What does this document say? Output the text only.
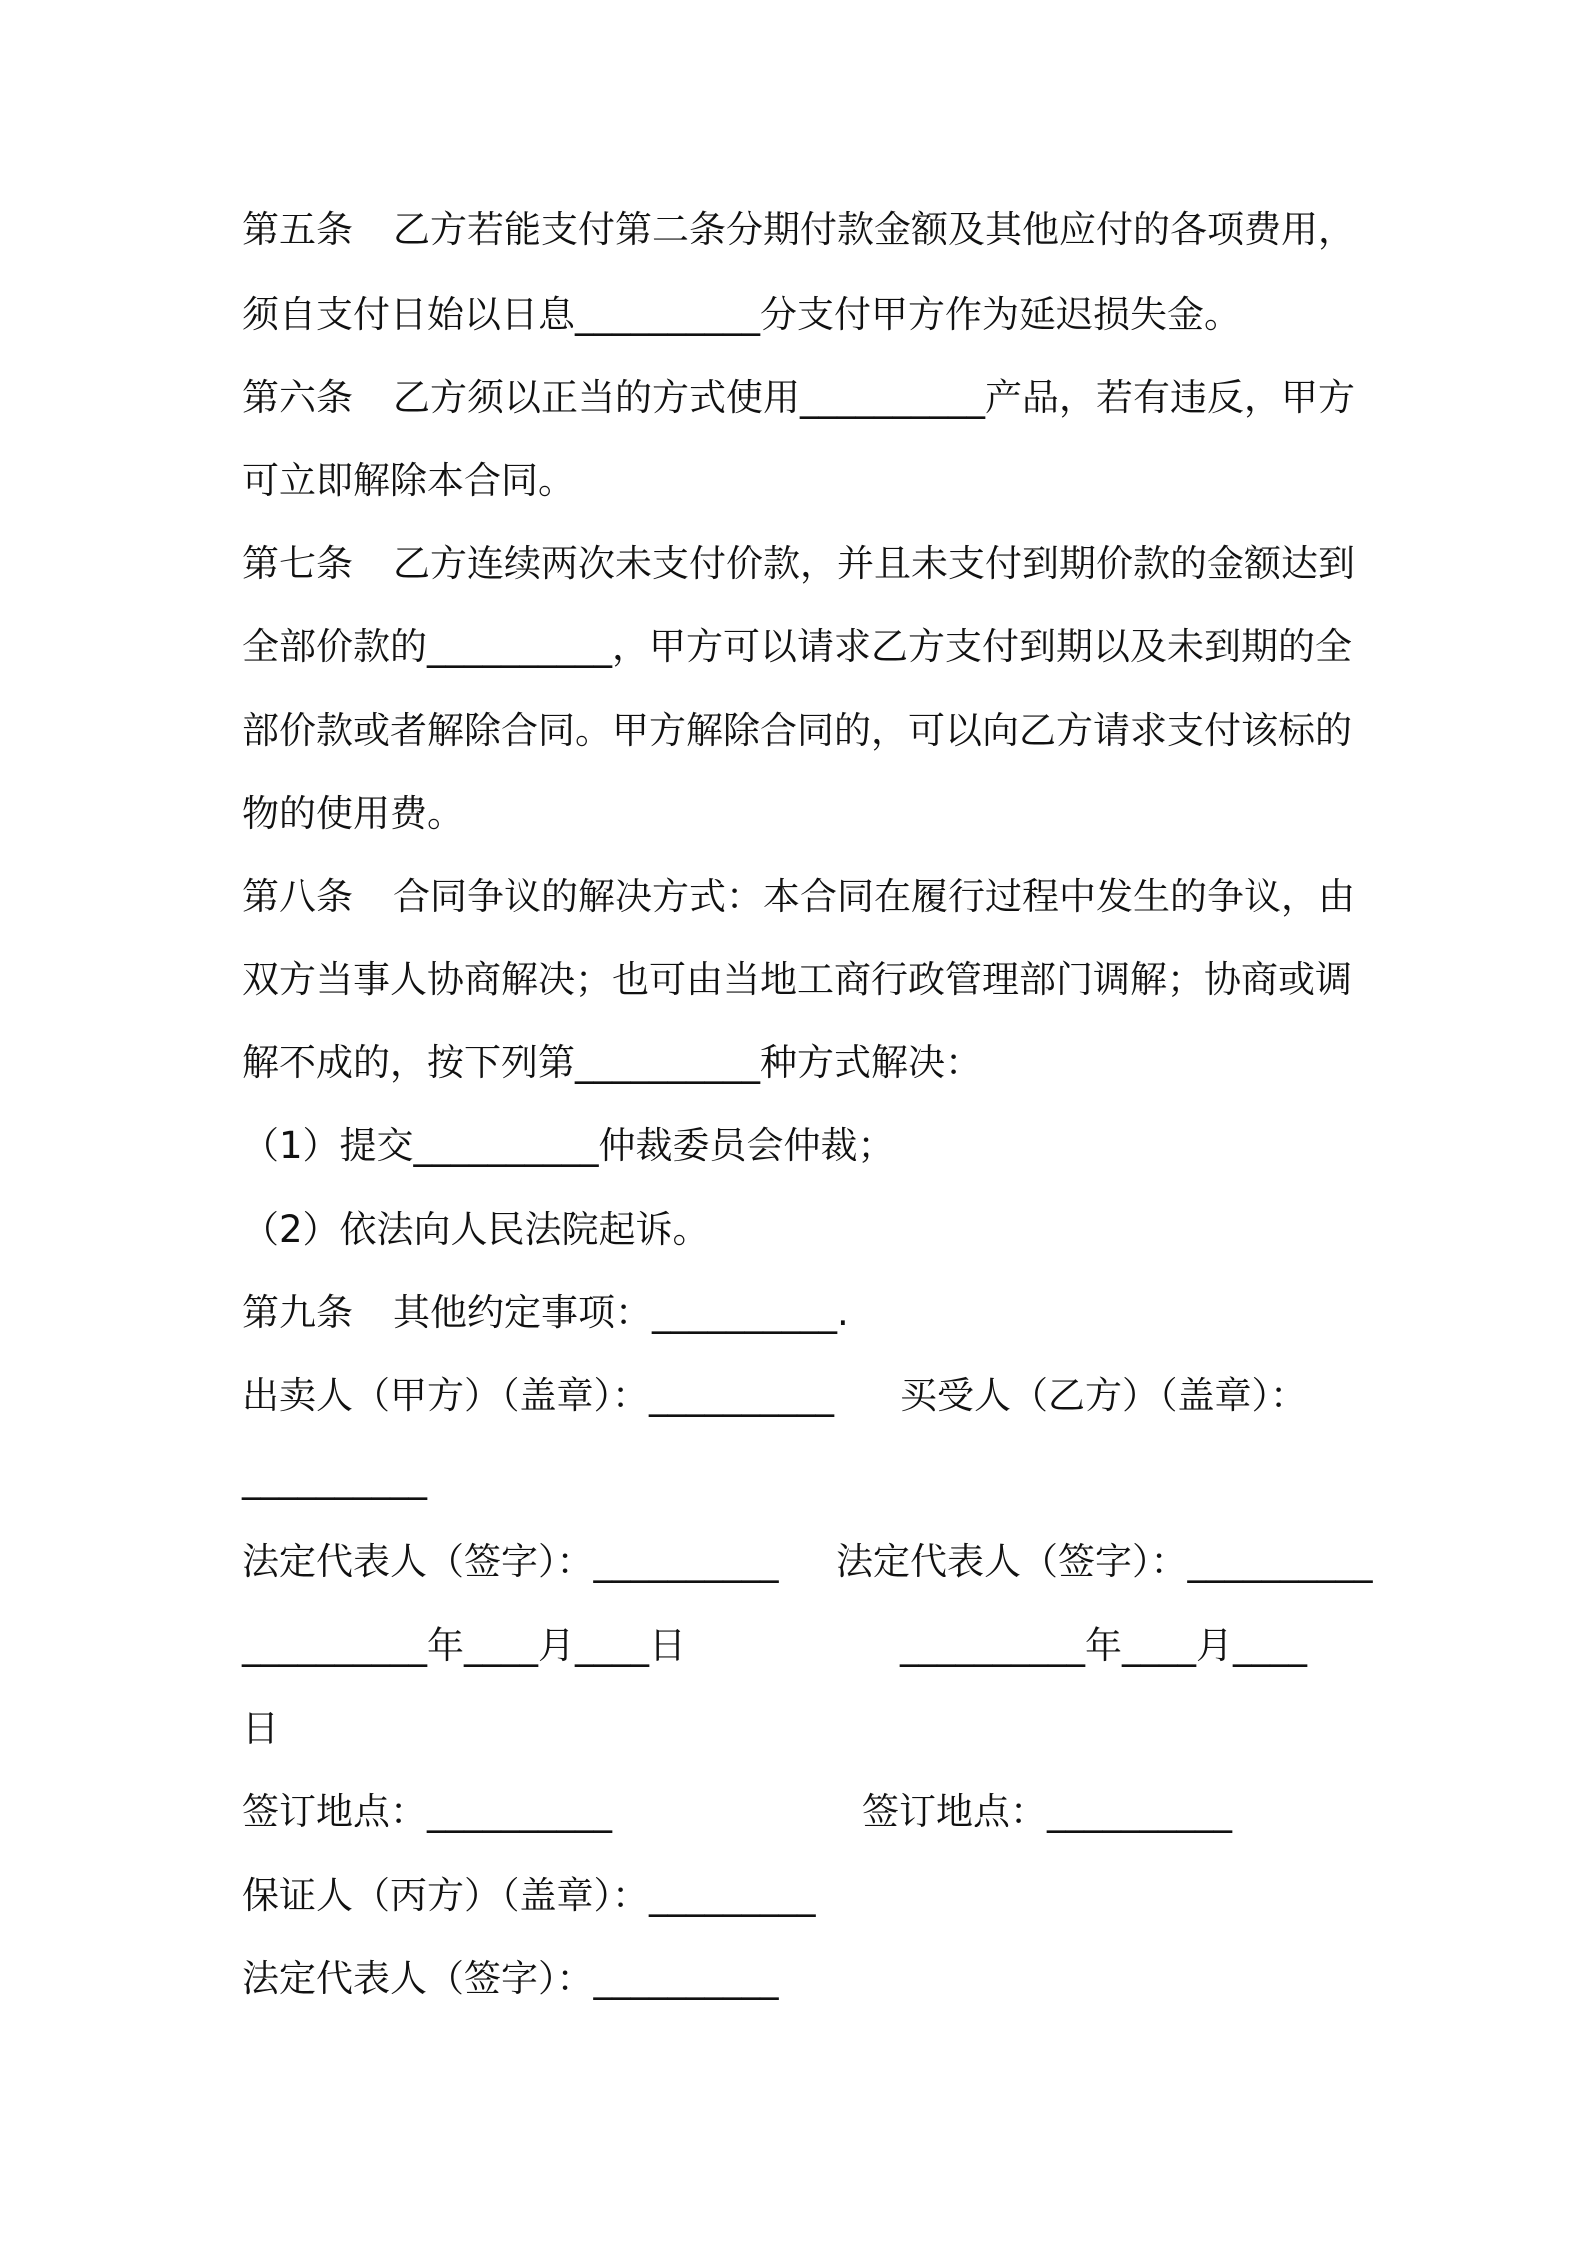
第五条 乙方若能支付第二条分期付款金额及其他应付的各项费用，
须自支付日始以日息__________分支付甲方作为延迟损失金。
第六条 乙方须以正当的方式使用__________产品，若有违反，甲方
可立即解除本合同。
第七条 乙方连续两次未支付价款，并且未支付到期价款的金额达到
全部价款的__________，甲方可以请求乙方支付到期以及未到期的全
部价款或者解除合同。甲方解除合同的，可以向乙方请求支付该标的
物的使用费。
第八条 合同争议的解决方式：本合同在履行过程中发生的争议，由
双方当事人协商解决；也可由当地工商行政管理部门调解；协商或调
解不成的，按下列第__________种方式解决：
（1）提交__________仲裁委员会仲裁；
（2）依法向人民法院起诉。
第九条 其他约定事项：__________.
出卖人（甲方）（盖章）：__________ 买受人（乙方）（盖章）：
__________
法定代表人（签字）：__________ 法定代表人（签字）：__________
__________年____月____日	__________年____月____
日
签订地点：__________	签订地点：__________
保证人（丙方）（盖章）：_________
法定代表人（签字）：__________
